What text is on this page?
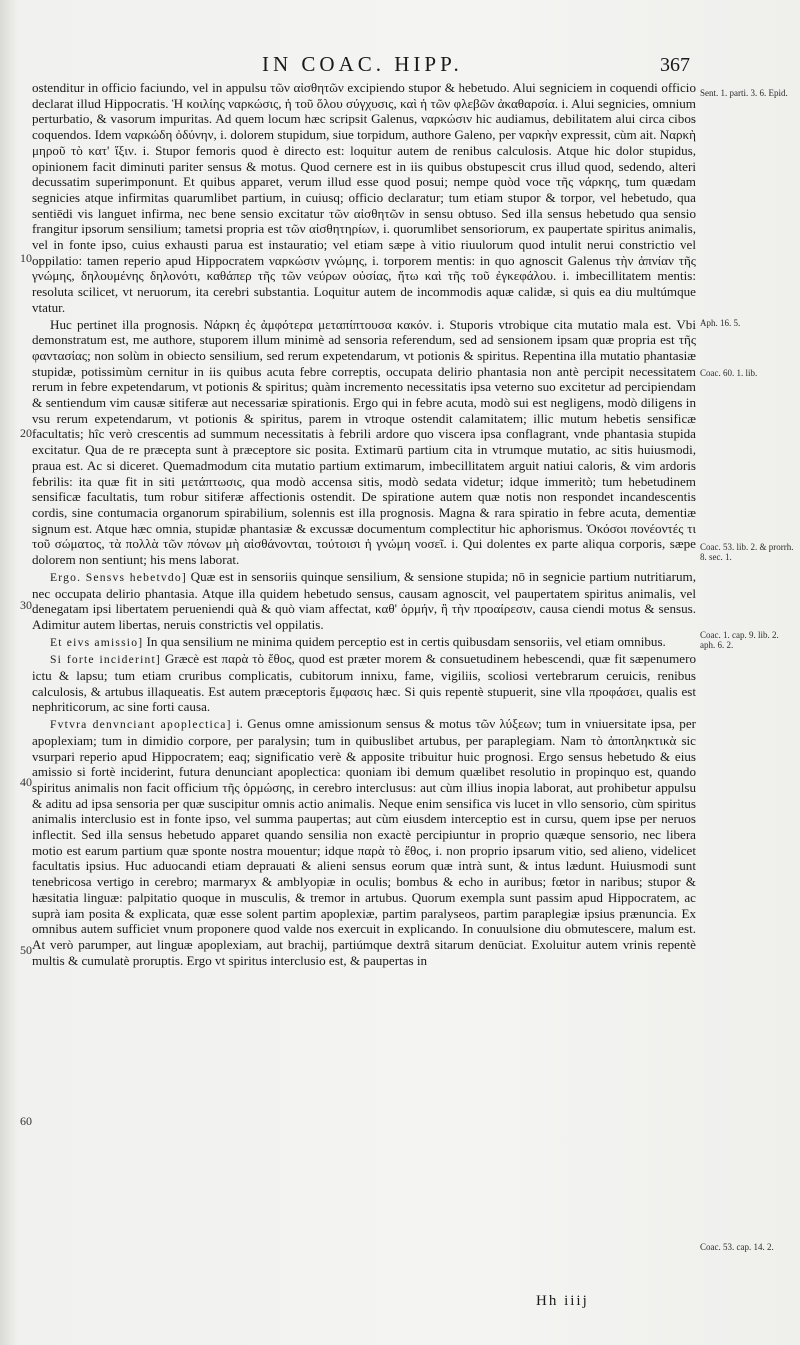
IN COAC. HIPP.	367
10
20
30
40
50
60

ostenditur in officio faciundo, vel in appulsu τῶν αἰσθητῶν excipiendo stupor & hebetudo. Alui segniciem in coquendi officio declarat illud Hippocratis. Ἡ κοιλίης ναρκώσις, ἡ τοῦ ὅλου σύγχυσις, καὶ ἡ τῶν φλεβῶν ἀκαθαρσία. i. Alui segnicies, omnium perturbatio, & vasorum impuritas. Ad quem locum hæc scripsit Galenus, ναρκώσιν hic audiamus, debilitatem alui circa cibos coquendos. Idem ναρκώδη ὀδύνην, i. dolorem stupidum, siue torpidum, authore Galeno, per ναρκὴν expressit, cùm ait. Ναρκὴ μηροῦ τὸ κατ' ἴξιν. i. Stupor femoris quod è directo est: loquitur autem de renibus calculosis. Atque hic dolor stupidus, opinionem facit diminuti pariter sensus & motus. Quod cernere est in iis quibus obstupescit crus illud quod, sedendo, alteri decussatim superimponunt. Et quibus apparet, verum illud esse quod posui; nempe quòd voce τῆς νάρκης, tum quædam segnicies atque infirmitas quarumlibet partium, in cuiusq; officio declaratur; tum etiam stupor & torpor, vel hebetudo, qua sentiēdi vis languet infirma, nec bene sensio excitatur τῶν αἰσθητῶν in sensu obtuso. Sed illa sensus hebetudo qua sensio frangitur ipsorum sensilium; tametsi propria est τῶν αἰσθητηρίων, i. quorumlibet sensoriorum, ex paupertate spiritus animalis, vel in fonte ipso, cuius exhausti parua est instauratio; vel etiam sæpe à vitio riuulorum quod intulit nerui constrictio vel oppilatio: tamen reperio apud Hippocratem ναρκώσιν γνώμης, i. torporem mentis: in quo agnoscit Galenus τὴν ἀπνίαν τῆς γνώμης, δηλουμένης δηλονότι, καθάπερ τῆς τῶν νεύρων οὐσίας, ἥτω καὶ τῆς τοῦ ἐγκεφάλου. i. imbecillitatem mentis: resoluta scilicet, vt neruorum, ita cerebri substantia. Loquitur autem de incommodis aquæ calidæ, si quis ea diu multúmque vtatur.

Huc pertinet illa prognosis. Νάρκη ἐς ἀμφότερα μεταπίπτουσα κακόν. i. Stuporis vtrobique cita mutatio mala est. Vbi demonstratum est, me authore, stuporem illum minimè ad sensoria referendum, sed ad sensionem ipsam quæ propria est τῆς φαντασίας; non solùm in obiecto sensilium, sed rerum expetendarum, vt potionis & spiritus. Repentina illa mutatio phantasiæ stupidæ, potissimùm cernitur in iis quibus acuta febre correptis, occupata delirio phantasia non antè percipit necessitatem rerum in febre expetendarum, vt potionis & spiritus; quàm incremento necessitatis ipsa veterno suo excitetur ad percipiendam & sentiendum vim causæ sitiferæ aut necessariæ spirationis. Ergo qui in febre acuta, modò sui est negligens, modò diligens in vsu rerum expetendarum, vt potionis & spiritus, parem in vtroque ostendit calamitatem; illic mutum hebetis sensificæ facultatis; hîc verò crescentis ad summum necessitatis à febrili ardore quo viscera ipsa conflagrant, vnde phantasia stupida excitatur. Qua de re præcepta sunt à præceptore sic posita. Extimarū partium cita in vtrumque mutatio, ac sitis huiusmodi, praua est. Ac si diceret. Quemadmodum cita mutatio partium extimarum, imbecillitatem arguit natiui caloris, & vim ardoris febrilis: ita quæ fit in siti μετάπτωσις, qua modò accensa sitis, modò sedata videtur; idque immeritò; tum hebetudinem sensificæ facultatis, tum robur sitiferæ affectionis ostendit. De spiratione autem quæ notis non respondet incandescentis cordis, sine contumacia organorum spirabilium, solennis est illa prognosis. Magna & rara spiratio in febre acuta, dementiæ signum est. Atque hæc omnia, stupidæ phantasiæ & excussæ documentum complectitur hic aphorismus. Ὁκόσοι πονέοντές τι τοῦ σώματος, τὰ πολλὰ τῶν πόνων μὴ αἰσθάνονται, τούτοισι ἡ γνώμη νοσεῖ. i. Qui dolentes ex parte aliqua corporis, sæpe dolorem non sentiunt; his mens laborat.

Ergo. Sensvs hebetvdo] Quæ est in sensoriis quinque sensilium, & sensione stupida; nō in segnicie partium nutritiarum, nec occupata delirio phantasia. Atque illa quidem hebetudo sensus, causam agnoscit, vel paupertatem spiritus animalis, vel denegatam ipsi libertatem perueniendi quà & quò viam affectat, καθ' ὁρμήν, ἢ τὴν προαίρεσιν, causa ciendi motus & sensus. Adimitur autem libertas, neruis constrictis vel oppilatis.

Et eivs amissio] In qua sensilium ne minima quidem perceptio est in certis quibusdam sensoriis, vel etiam omnibus.

Si forte inciderint] Græcè est παρὰ τὸ ἔθος, quod est præter morem & consuetudinem hebescendi, quæ fit sæpenumero ictu & lapsu; tum etiam cruribus complicatis, cubitorum innixu, fame, vigiliis, scoliosi vertebrarum ceruicis, renibus calculosis, & artubus illaqueatis. Est autem præceptoris ἔμφασις hæc. Si quis repentè stupuerit, sine vlla προφάσει, qualis est nephriticorum, ac sine forti causa.

Fvtvra denvnciant apoplectica] i. Genus omne amissionum sensus & motus τῶν λύξεων; tum in vniuersitate ipsa, per apoplexiam; tum in dimidio corpore, per paralysin; tum in quibuslibet artubus, per paraplegiam. Nam τὸ ἀποπληκτικὰ sic vsurpari reperio apud Hippocratem; eaq; significatio verè & apposite tribuitur huic prognosi. Ergo sensus hebetudo & eius amissio si fortè inciderint, futura denunciant apoplectica: quoniam ibi demum quælibet resolutio in propinquo est, quando spiritus animalis non facit officium τῆς ὁρμώσης, in cerebro interclusus: aut cùm illius inopia laborat, aut prohibetur appulsu & aditu ad ipsa sensoria per quæ suscipitur omnis actio animalis. Neque enim sensifica vis lucet in vllo sensorio, cùm spiritus animalis interclusio est in fonte ipso, vel summa paupertas; aut cùm eiusdem interceptio est in cursu, quem ipse per neruos inflectit. Sed illa sensus hebetudo apparet quando sensilia non exactè percipiuntur in proprio quæque sensorio, nec libera motio est earum partium quæ sponte nostra mouentur; idque παρὰ τὸ ἔθος, i. non proprio ipsarum vitio, sed alieno, videlicet facultatis ipsius. Huc aduocandi etiam deprauati & alieni sensus eorum quæ intrà sunt, & intus lædunt. Huiusmodi sunt tenebricosa vertigo in cerebro; marmaryx & amblyopiæ in oculis; bombus & echo in auribus; fœtor in naribus; stupor & hæsitatia linguæ: palpitatio quoque in musculis, & tremor in artubus. Quorum exempla sunt passim apud Hippocratem, ac suprà iam posita & explicata, quæ esse solent partim apoplexiæ, partim paralyseos, partim paraplegiæ ipsius prænuncia. Ex omnibus autem sufficiet vnum proponere quod valde nos exercuit in explicando. In conuulsione diu obmutescere, malum est. At verò parumper, aut linguæ apoplexiam, aut brachij, partiúmque dextrâ sitarum denūciat. Exoluitur autem vrinis repentè multis & cumulatè proruptis. Ergo vt spiritus interclusio est, & paupertas in

Sent. 1. parti. 3. 6. Epid.
Aph. 16. 5.
Coac. 60. 1. lib.
Coac. 53. lib. 2. & prorrh. 8. sec. 1.
Coac. 1. cap. 9. lib. 2. aph. 6. 2.
Coac. 53. cap. 14. 2.
Hh iiij
